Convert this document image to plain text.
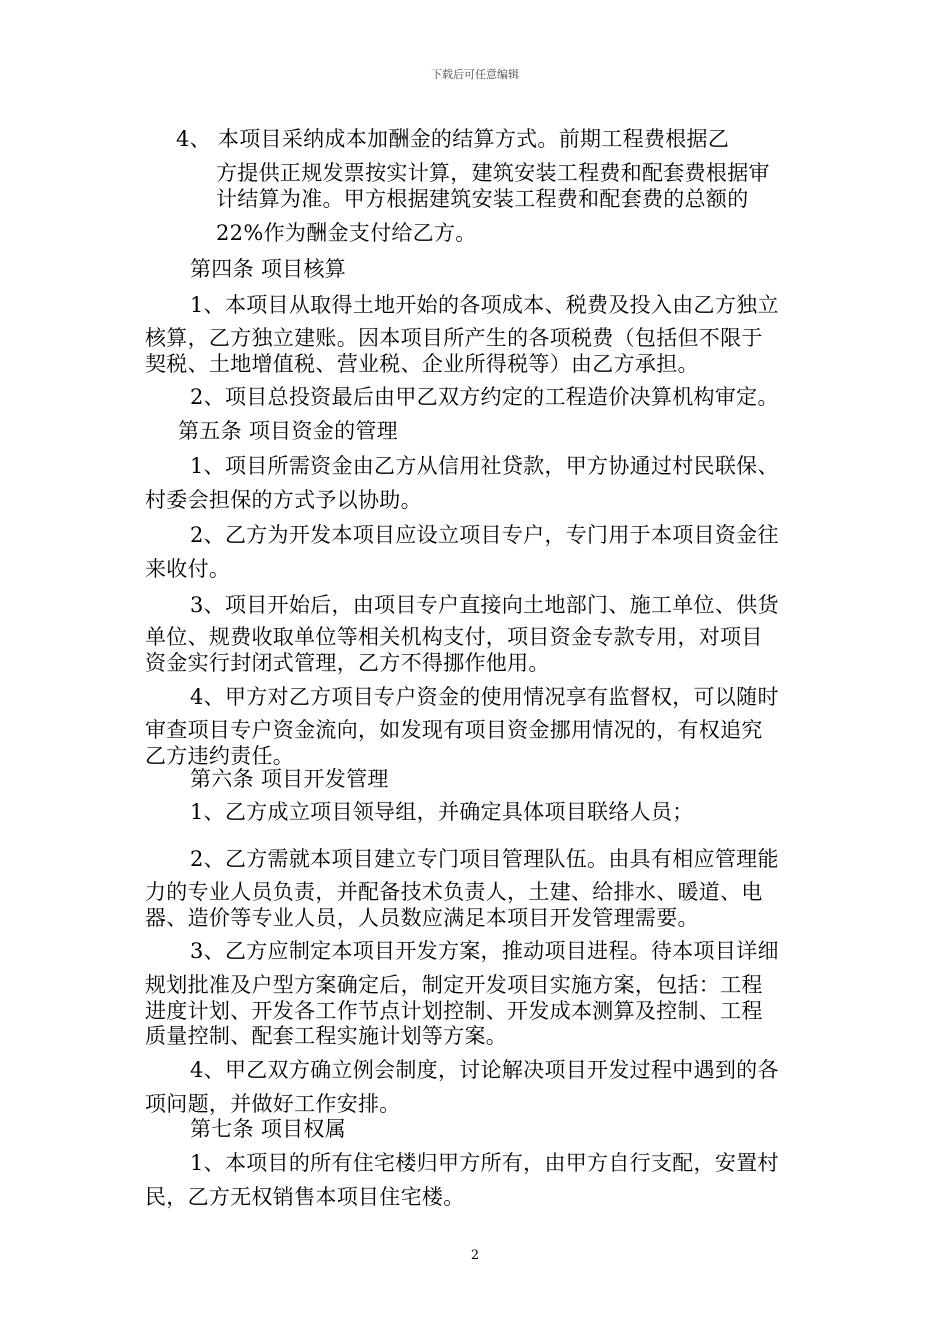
下载后可任意编辑
4、 本项目采纳成本加酬金的结算方式。前期工程费根据乙
方提供正规发票按实计算，建筑安装工程费和配套费根据审
计结算为准。甲方根据建筑安装工程费和配套费的总额的
22%作为酬金支付给乙方。
第四条 项目核算
1、本项目从取得土地开始的各项成本、税费及投入由乙方独立
核算，乙方独立建账。因本项目所产生的各项税费（包括但不限于
契税、土地增值税、营业税、企业所得税等）由乙方承担。
2、项目总投资最后由甲乙双方约定的工程造价决算机构审定。
第五条 项目资金的管理
1、项目所需资金由乙方从信用社贷款，甲方协通过村民联保、
村委会担保的方式予以协助。
2、乙方为开发本项目应设立项目专户，专门用于本项目资金往
来收付。
3、项目开始后，由项目专户直接向土地部门、施工单位、供货
单位、规费收取单位等相关机构支付，项目资金专款专用，对项目
资金实行封闭式管理，乙方不得挪作他用。
4、甲方对乙方项目专户资金的使用情况享有监督权，可以随时
审查项目专户资金流向，如发现有项目资金挪用情况的，有权追究
乙方违约责任。
第六条 项目开发管理
1、乙方成立项目领导组，并确定具体项目联络人员；
2、乙方需就本项目建立专门项目管理队伍。由具有相应管理能
力的专业人员负责，并配备技术负责人，土建、给排水、暖道、电
器、造价等专业人员，人员数应满足本项目开发管理需要。
3、乙方应制定本项目开发方案，推动项目进程。待本项目详细
规划批准及户型方案确定后，制定开发项目实施方案，包括：工程
进度计划、开发各工作节点计划控制、开发成本测算及控制、工程
质量控制、配套工程实施计划等方案。
4、甲乙双方确立例会制度，讨论解决项目开发过程中遇到的各
项问题，并做好工作安排。
第七条 项目权属
1、本项目的所有住宅楼归甲方所有，由甲方自行支配，安置村
民，乙方无权销售本项目住宅楼。
2
